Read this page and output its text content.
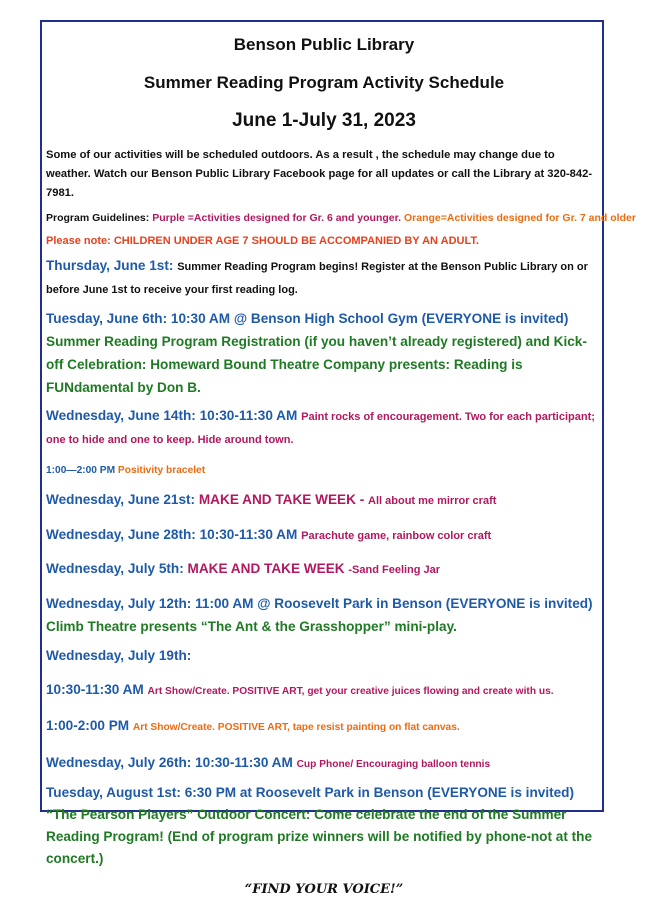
Benson Public Library
Summer Reading Program Activity Schedule
June 1-July 31, 2023

Some of our activities will be scheduled outdoors. As a result , the schedule may change due to weather. Watch our Benson Public Library Facebook page for all updates or call the Library at 320-842-7981.

Program Guidelines: Purple =Activities designed for Gr. 6 and younger. Orange=Activities designed for Gr. 7 and older

Please note: CHILDREN UNDER AGE 7 SHOULD BE ACCOMPANIED BY AN ADULT.

Thursday, June 1st: Summer Reading Program begins! Register at the Benson Public Library on or before June 1st to receive your first reading log.

Tuesday, June 6th: 10:30 AM @ Benson High School Gym (EVERYONE is invited) Summer Reading Program Registration (if you haven’t already registered) and Kick-off Celebration: Homeward Bound Theatre Company presents: Reading is FUNdamental by Don B.

Wednesday, June 14th: 10:30-11:30 AM Paint rocks of encouragement. Two for each participant; one to hide and one to keep. Hide around town.

1:00—2:00 PM Positivity bracelet

Wednesday, June 21st: MAKE AND TAKE WEEK - All about me mirror craft

Wednesday, June 28th: 10:30-11:30 AM Parachute game, rainbow color craft

Wednesday, July 5th: MAKE AND TAKE WEEK -Sand Feeling Jar

Wednesday, July 12th: 11:00 AM @ Roosevelt Park in Benson (EVERYONE is invited)
Climb Theatre presents “The Ant & the Grasshopper” mini-play.

Wednesday, July 19th:

10:30-11:30 AM Art Show/Create. POSITIVE ART, get your creative juices flowing and create with us.

1:00-2:00 PM Art Show/Create. POSITIVE ART, tape resist painting on flat canvas.

Wednesday, July 26th: 10:30-11:30 AM Cup Phone/ Encouraging balloon tennis

Tuesday, August 1st: 6:30 PM at Roosevelt Park in Benson (EVERYONE is invited) “The Pearson Players” Outdoor Concert: Come celebrate the end of the Summer Reading Program! (End of program prize winners will be notified by phone-not at the concert.)

“FIND YOUR VOICE!”
